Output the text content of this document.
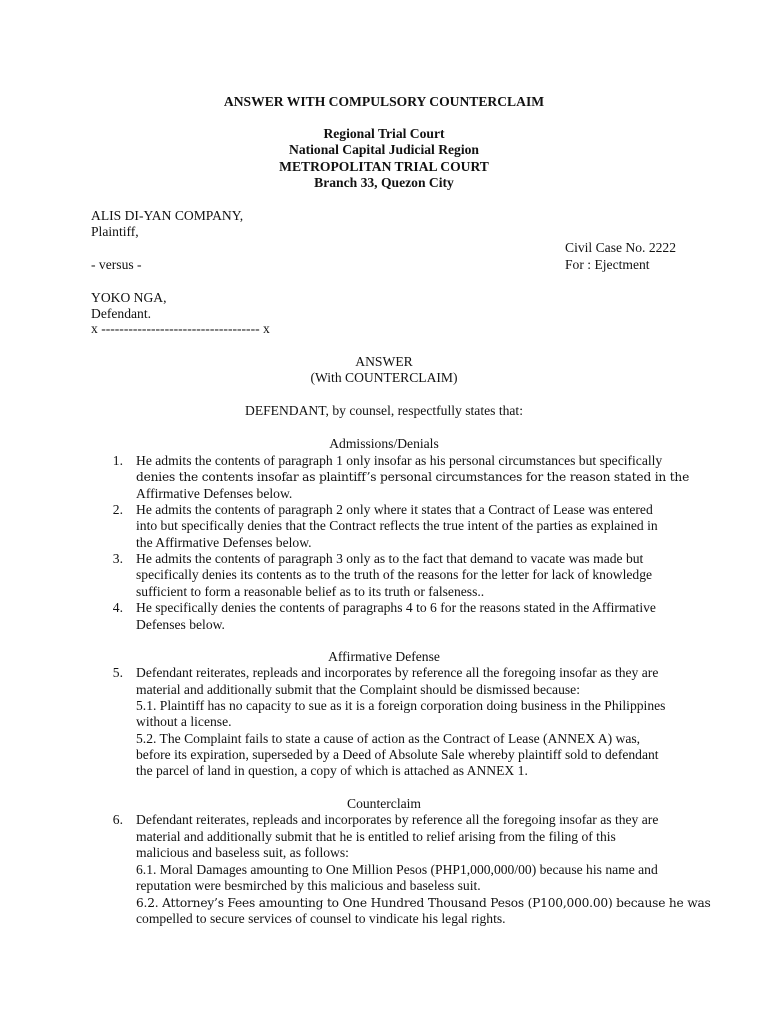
ANSWER WITH COMPULSORY COUNTERCLAIM
Regional Trial Court
National Capital Judicial Region
METROPOLITAN TRIAL COURT
Branch 33, Quezon City
ALIS DI-YAN COMPANY,
Plaintiff,
Civil Case No. 2222
- versus -	For : Ejectment
YOKO NGA,
Defendant.
x ----------------------------------- x
ANSWER
(With COUNTERCLAIM)
DEFENDANT, by counsel, respectfully states that:
Admissions/Denials
1. He admits the contents of paragraph 1 only insofar as his personal circumstances but specifically
denies the contents insofar as plaintiff’s personal circumstances for the reason stated in the
Affirmative Defenses below.
2. He admits the contents of paragraph 2 only where it states that a Contract of Lease was entered
into but specifically denies that the Contract reflects the true intent of the parties as explained in
the Affirmative Defenses below.
3. He admits the contents of paragraph 3 only as to the fact that demand to vacate was made but
specifically denies its contents as to the truth of the reasons for the letter for lack of knowledge
sufficient to form a reasonable belief as to its truth or falseness..
4. He specifically denies the contents of paragraphs 4 to 6 for the reasons stated in the Affirmative
Defenses below.
Affirmative Defense
5. Defendant reiterates, repleads and incorporates by reference all the foregoing insofar as they are
material and additionally submit that the Complaint should be dismissed because:
5.1. Plaintiff has no capacity to sue as it is a foreign corporation doing business in the Philippines
without a license.
5.2. The Complaint fails to state a cause of action as the Contract of Lease (ANNEX A) was,
before its expiration, superseded by a Deed of Absolute Sale whereby plaintiff sold to defendant
the parcel of land in question, a copy of which is attached as ANNEX 1.
Counterclaim
6. Defendant reiterates, repleads and incorporates by reference all the foregoing insofar as they are
material and additionally submit that he is entitled to relief arising from the filing of this
malicious and baseless suit, as follows:
6.1. Moral Damages amounting to One Million Pesos (PHP1,000,000/00) because his name and
reputation were besmirched by this malicious and baseless suit.
6.2. Attorney’s Fees amounting to One Hundred Thousand Pesos (P100,000.00) because he was
compelled to secure services of counsel to vindicate his legal rights.
